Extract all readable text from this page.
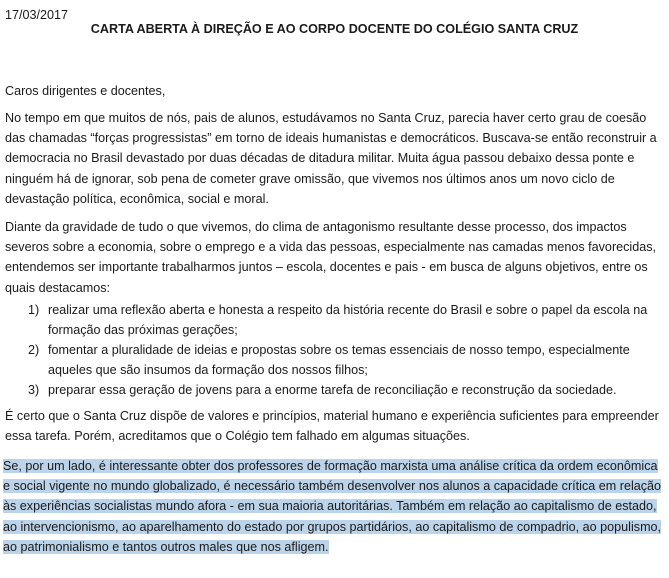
17/03/2017
CARTA ABERTA À DIREÇÃO E AO CORPO DOCENTE DO COLÉGIO SANTA CRUZ
Caros dirigentes e docentes,

No tempo em que muitos de nós, pais de alunos, estudávamos no Santa Cruz, parecia haver certo grau de coesão das chamadas “forças progressistas” em torno de ideais humanistas e democráticos. Buscava-se então reconstruir a democracia no Brasil devastado por duas décadas de ditadura militar. Muita água passou debaixo dessa ponte e ninguém há de ignorar, sob pena de cometer grave omissão, que vivemos nos últimos anos um novo ciclo de devastação política, econômica, social e moral.

Diante da gravidade de tudo o que vivemos, do clima de antagonismo resultante desse processo, dos impactos severos sobre a economia, sobre o emprego e a vida das pessoas, especialmente nas camadas menos favorecidas, entendemos ser importante trabalharmos juntos – escola, docentes e pais - em busca de alguns objetivos, entre os quais destacamos:

1) realizar uma reflexão aberta e honesta a respeito da história recente do Brasil e sobre o papel da escola na formação das próximas gerações;
2) fomentar a pluralidade de ideias e propostas sobre os temas essenciais de nosso tempo, especialmente aqueles que são insumos da formação dos nossos filhos;
3) preparar essa geração de jovens para a enorme tarefa de reconciliação e reconstrução da sociedade.

É certo que o Santa Cruz dispõe de valores e princípios, material humano e experiência suficientes para empreender essa tarefa. Porém, acreditamos que o Colégio tem falhado em algumas situações.

Se, por um lado, é interessante obter dos professores de formação marxista uma análise crítica da ordem econômica e social vigente no mundo globalizado, é necessário também desenvolver nos alunos a capacidade crítica em relação às experiências socialistas mundo afora - em sua maioria autoritárias. Também em relação ao capitalismo de estado, ao intervencionismo, ao aparelhamento do estado por grupos partidários, ao capitalismo de compadrio, ao populismo, ao patrimonialismo e tantos outros males que nos afligem.
